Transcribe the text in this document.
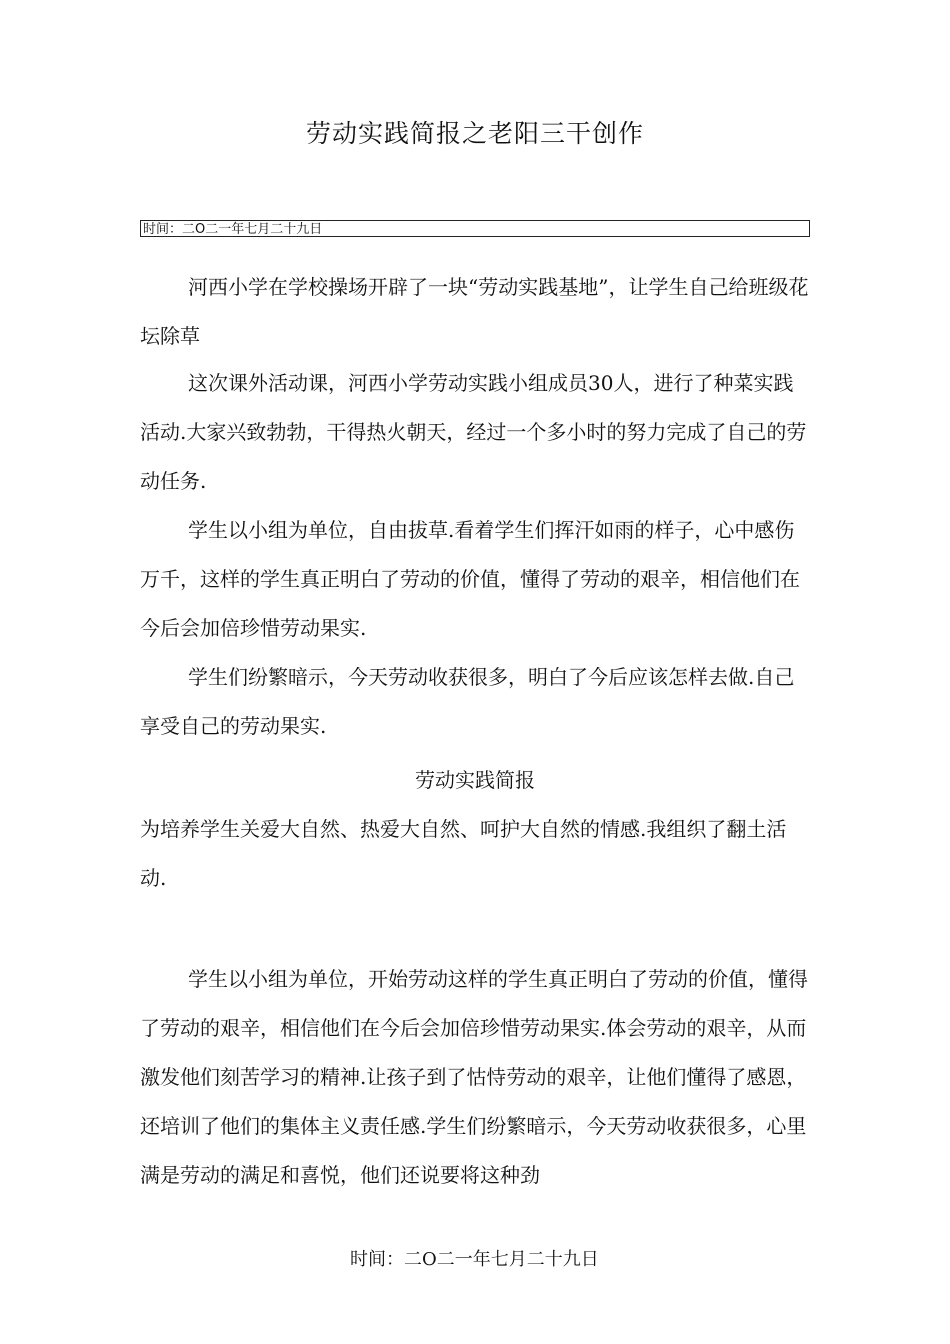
劳动实践简报之老阳三干创作
时间：二O二一年七月二十九日

河西小学在学校操场开辟了一块“劳动实践基地”，让学生自己给班级花坛除草

这次课外活动课，河西小学劳动实践小组成员30人，进行了种菜实践活动.大家兴致勃勃，干得热火朝天，经过一个多小时的努力完成了自己的劳动任务.

学生以小组为单位，自由拔草.看着学生们挥汗如雨的样子，心中感伤万千，这样的学生真正明白了劳动的价值，懂得了劳动的艰辛，相信他们在今后会加倍珍惜劳动果实.

学生们纷繁暗示，今天劳动收获很多，明白了今后应该怎样去做.自己享受自己的劳动果实.

劳动实践简报

为培养学生关爱大自然、热爱大自然、呵护大自然的情感.我组织了翻土活动.

学生以小组为单位，开始劳动这样的学生真正明白了劳动的价值，懂得了劳动的艰辛，相信他们在今后会加倍珍惜劳动果实.体会劳动的艰辛，从而激发他们刻苦学习的精神.让孩子到了怙恃劳动的艰辛，让他们懂得了感恩，还培训了他们的集体主义责任感.学生们纷繁暗示，今天劳动收获很多，心里满是劳动的满足和喜悦，他们还说要将这种劲

时间：二O二一年七月二十九日
